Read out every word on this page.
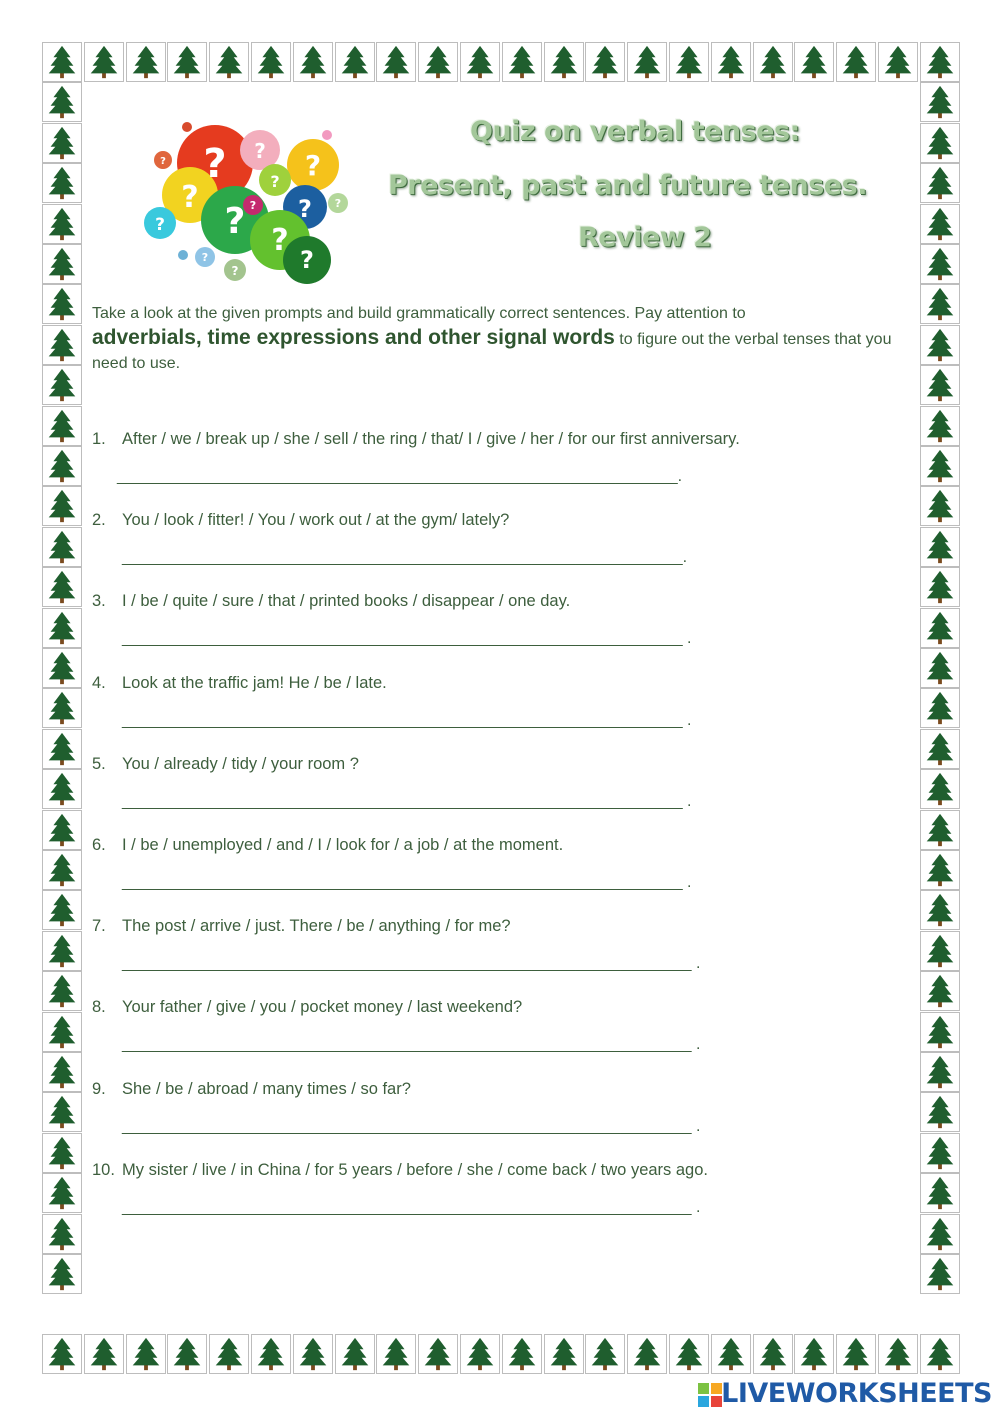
?
?
? ?
?
? ?
?
?
?
?	?
?
?
?
Quiz on verbal tenses:
Present, past and future tenses.
Review 2
Take a look at the given prompts and build grammatically correct sentences. Pay attention to
adverbials, time expressions and other signal words to figure out the verbal tenses that you need to use.
1. After / we / break up / she / sell / the ring / that/ I / give / her / for our first anniversary.
_______________________________________________________________.
2. You / look / fitter! / You / work out / at the gym/ lately?
_______________________________________________________________.
3. I / be / quite / sure / that / printed books / disappear / one day.
_______________________________________________________________ .
4. Look at the traffic jam! He / be / late.
_______________________________________________________________ .
5. You / already / tidy / your room ?
_______________________________________________________________ .
6. I / be / unemployed / and / I / look for / a job / at the moment.
_______________________________________________________________ .
7. The post / arrive / just. There / be / anything / for me?
________________________________________________________________ .
8. Your father / give / you / pocket money / last weekend?
________________________________________________________________ .
9. She / be / abroad / many times / so far?
________________________________________________________________ .
10. My sister / live / in China / for 5 years / before / she / come back / two years ago.
________________________________________________________________ .
LIVEWORKSHEETS
